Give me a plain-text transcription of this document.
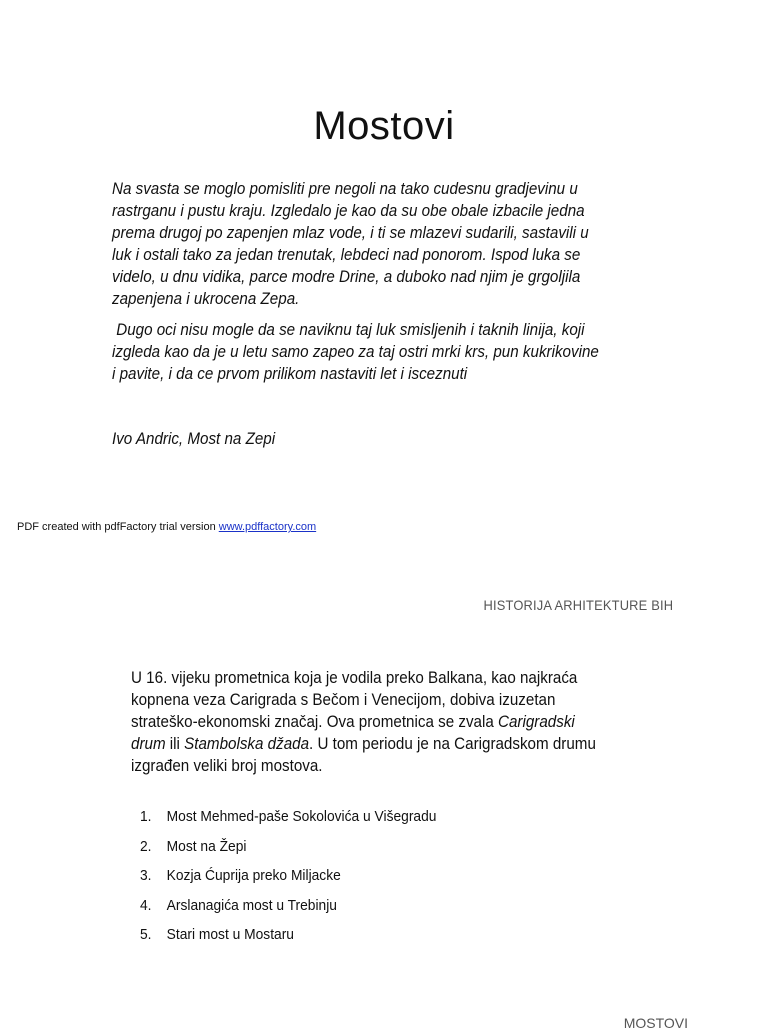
Mostovi
Na svasta se moglo pomisliti pre negoli na tako cudesnu gradjevinu u rastrganu i pustu kraju. Izgledalo je kao da su obe obale izbacile jedna prema drugoj po zapenjen mlaz vode, i ti se mlazevi sudarili, sastavili u luk i ostali tako za jedan trenutak, lebdeci nad ponorom. Ispod luka se videlo, u dnu vidika, parce modre Drine, a duboko nad njim je grgoljila zapenjena i ukrocena Zepa.
Dugo oci nisu mogle da se naviknu taj luk smisljenih i taknih linija, koji izgleda kao da je u letu samo zapeo za taj ostri mrki krs, pun kukrikovine i pavite, i da ce prvom prilikom nastaviti let i isceznuti
Ivo Andric, Most na Zepi
PDF created with pdfFactory trial version www.pdffactory.com
HISTORIJA ARHITEKTURE BIH
U 16. vijeku prometnica koja je vodila preko Balkana, kao najkraća kopnena veza Carigrada s Bečom i Venecijom, dobiva izuzetan strateško-ekonomski značaj. Ova prometnica se zvala Carigradski drum ili Stambolska džada. U tom periodu je na Carigradskom drumu izgrađen veliki broj mostova.
1. Most Mehmed-paše Sokolovića u Višegradu
2. Most na Žepi
3. Kozja Ćuprija preko Miljacke
4. Arslanagića most u Trebinju
5. Stari most u Mostaru
MOSTOVI
